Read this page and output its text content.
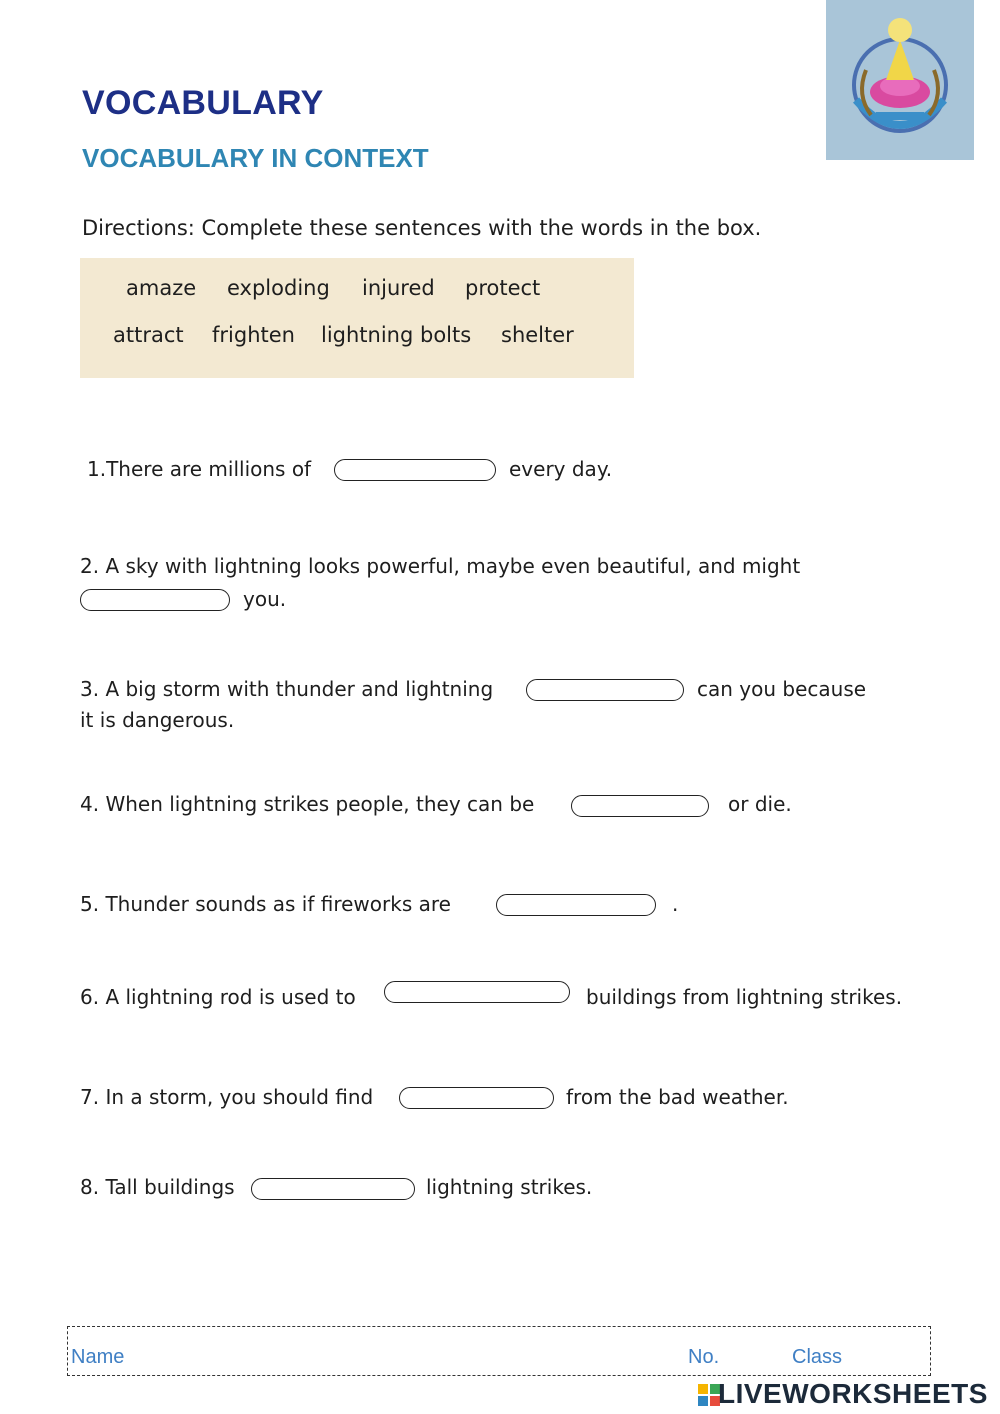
VOCABULARY
VOCABULARY IN CONTEXT
Directions: Complete these sentences with the words in the box.
amaze exploding injured protect
attract frighten lightning bolts shelter
1.There are millions of	every day.
2. A sky with lightning looks powerful, maybe even beautiful, and might
you.
3. A big storm with thunder and lightning	can you because
it is dangerous.
4. When lightning strikes people, they can be	or die.
5. Thunder sounds as if fireworks are	.
6. A lightning rod is used to	buildings from lightning strikes.
7. In a storm, you should find	from the bad weather.
8. Tall buildings	lightning strikes.
Name	No.	Class
LIVEWORKSHEETS
